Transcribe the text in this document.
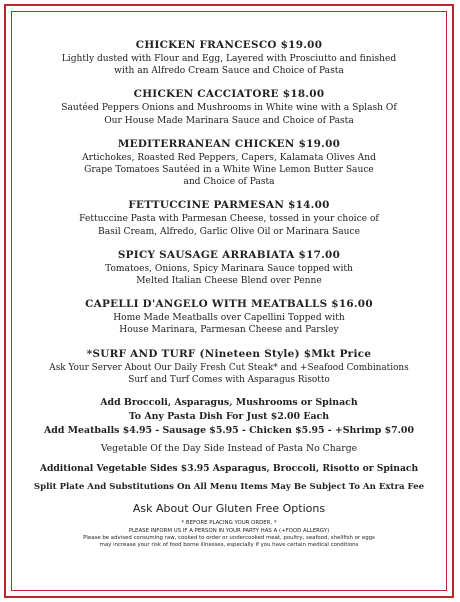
CHICKEN FRANCESCO $19.00
Lightly dusted with Flour and Egg, Layered with Prosciutto and finished
with an Alfredo Cream Sauce and Choice of Pasta
CHICKEN CACCIATORE $18.00
Sautéed Peppers Onions and Mushrooms in White wine with a Splash Of
Our House Made Marinara Sauce and Choice of Pasta
MEDITERRANEAN CHICKEN $19.00
Artichokes, Roasted Red Peppers, Capers, Kalamata Olives And
Grape Tomatoes Sautéed in a White Wine Lemon Butter Sauce
and Choice of Pasta
FETTUCCINE PARMESAN $14.00
Fettuccine Pasta with Parmesan Cheese, tossed in your choice of
Basil Cream, Alfredo, Garlic Olive Oil or Marinara Sauce
SPICY SAUSAGE ARRABIATA $17.00
Tomatoes, Onions, Spicy Marinara Sauce topped with
Melted Italian Cheese Blend over Penne
CAPELLI D'ANGELO WITH MEATBALLS $16.00
Home Made Meatballs over Capellini Topped with
House Marinara, Parmesan Cheese and Parsley
*SURF AND TURF (Nineteen Style) $Mkt Price
Ask Your Server About Our Daily Fresh Cut Steak* and +Seafood Combinations
Surf and Turf Comes with Asparagus Risotto
Add Broccoli, Asparagus, Mushrooms or Spinach
To Any Pasta Dish For Just $2.00 Each
Add Meatballs $4.95 - Sausage $5.95 - Chicken $5.95 - +Shrimp $7.00
Vegetable Of the Day Side Instead of Pasta No Charge
Additional Vegetable Sides $3.95 Asparagus, Broccoli, Risotto or Spinach
Split Plate And Substitutions On All Menu Items May Be Subject To An Extra Fee
Ask About Our Gluten Free Options
* BEFORE PLACING YOUR ORDER, *
PLEASE INFORM US IF A PERSON IN YOUR PARTY HAS A (+FOOD ALLERGY)
Please be advised consuming raw, cooked to order or undercooked meat, poultry, seafood, shellfish or eggs
may increase your risk of food borne illnesses, especially if you have certain medical conditions
